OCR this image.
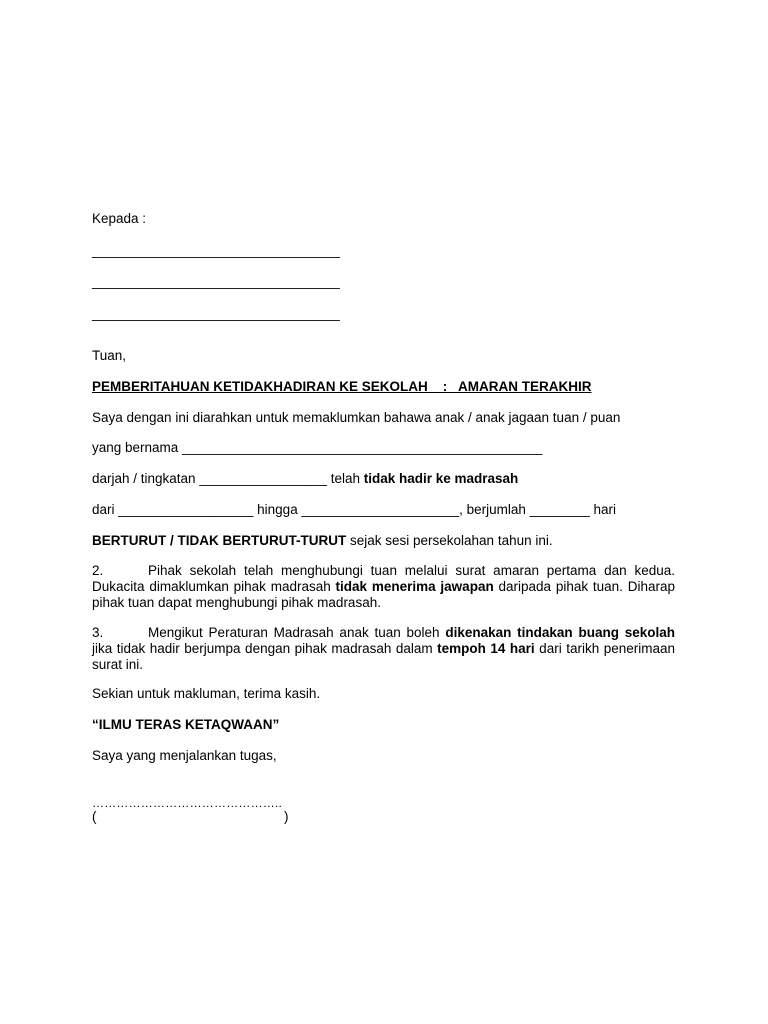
Kepada :
_________________________________
_________________________________
_________________________________
Tuan,
PEMBERITAHUAN KETIDAKHADIRAN KE SEKOLAH    :   AMARAN TERAKHIR
Saya dengan ini diarahkan untuk memaklumkan bahawa anak / anak jagaan tuan / puan
yang bernama ________________________________________________
darjah / tingkatan _________________ telah tidak hadir ke madrasah
dari __________________ hingga _____________________, berjumlah ________ hari
BERTURUT / TIDAK BERTURUT-TURUT sejak sesi persekolahan tahun ini.
2.	Pihak sekolah telah menghubungi tuan melalui surat amaran pertama dan kedua. Dukacita dimaklumkan pihak madrasah tidak menerima jawapan daripada pihak tuan. Diharap pihak tuan dapat menghubungi pihak madrasah.
3.	Mengikut Peraturan Madrasah anak tuan boleh dikenakan tindakan buang sekolah jika tidak hadir berjumpa dengan pihak madrasah dalam tempoh 14 hari dari tarikh penerimaan surat ini.
Sekian untuk makluman, terima kasih.
“ILMU TERAS KETAQWAAN”
Saya yang menjalankan tugas,
………………………………………..
(	)
